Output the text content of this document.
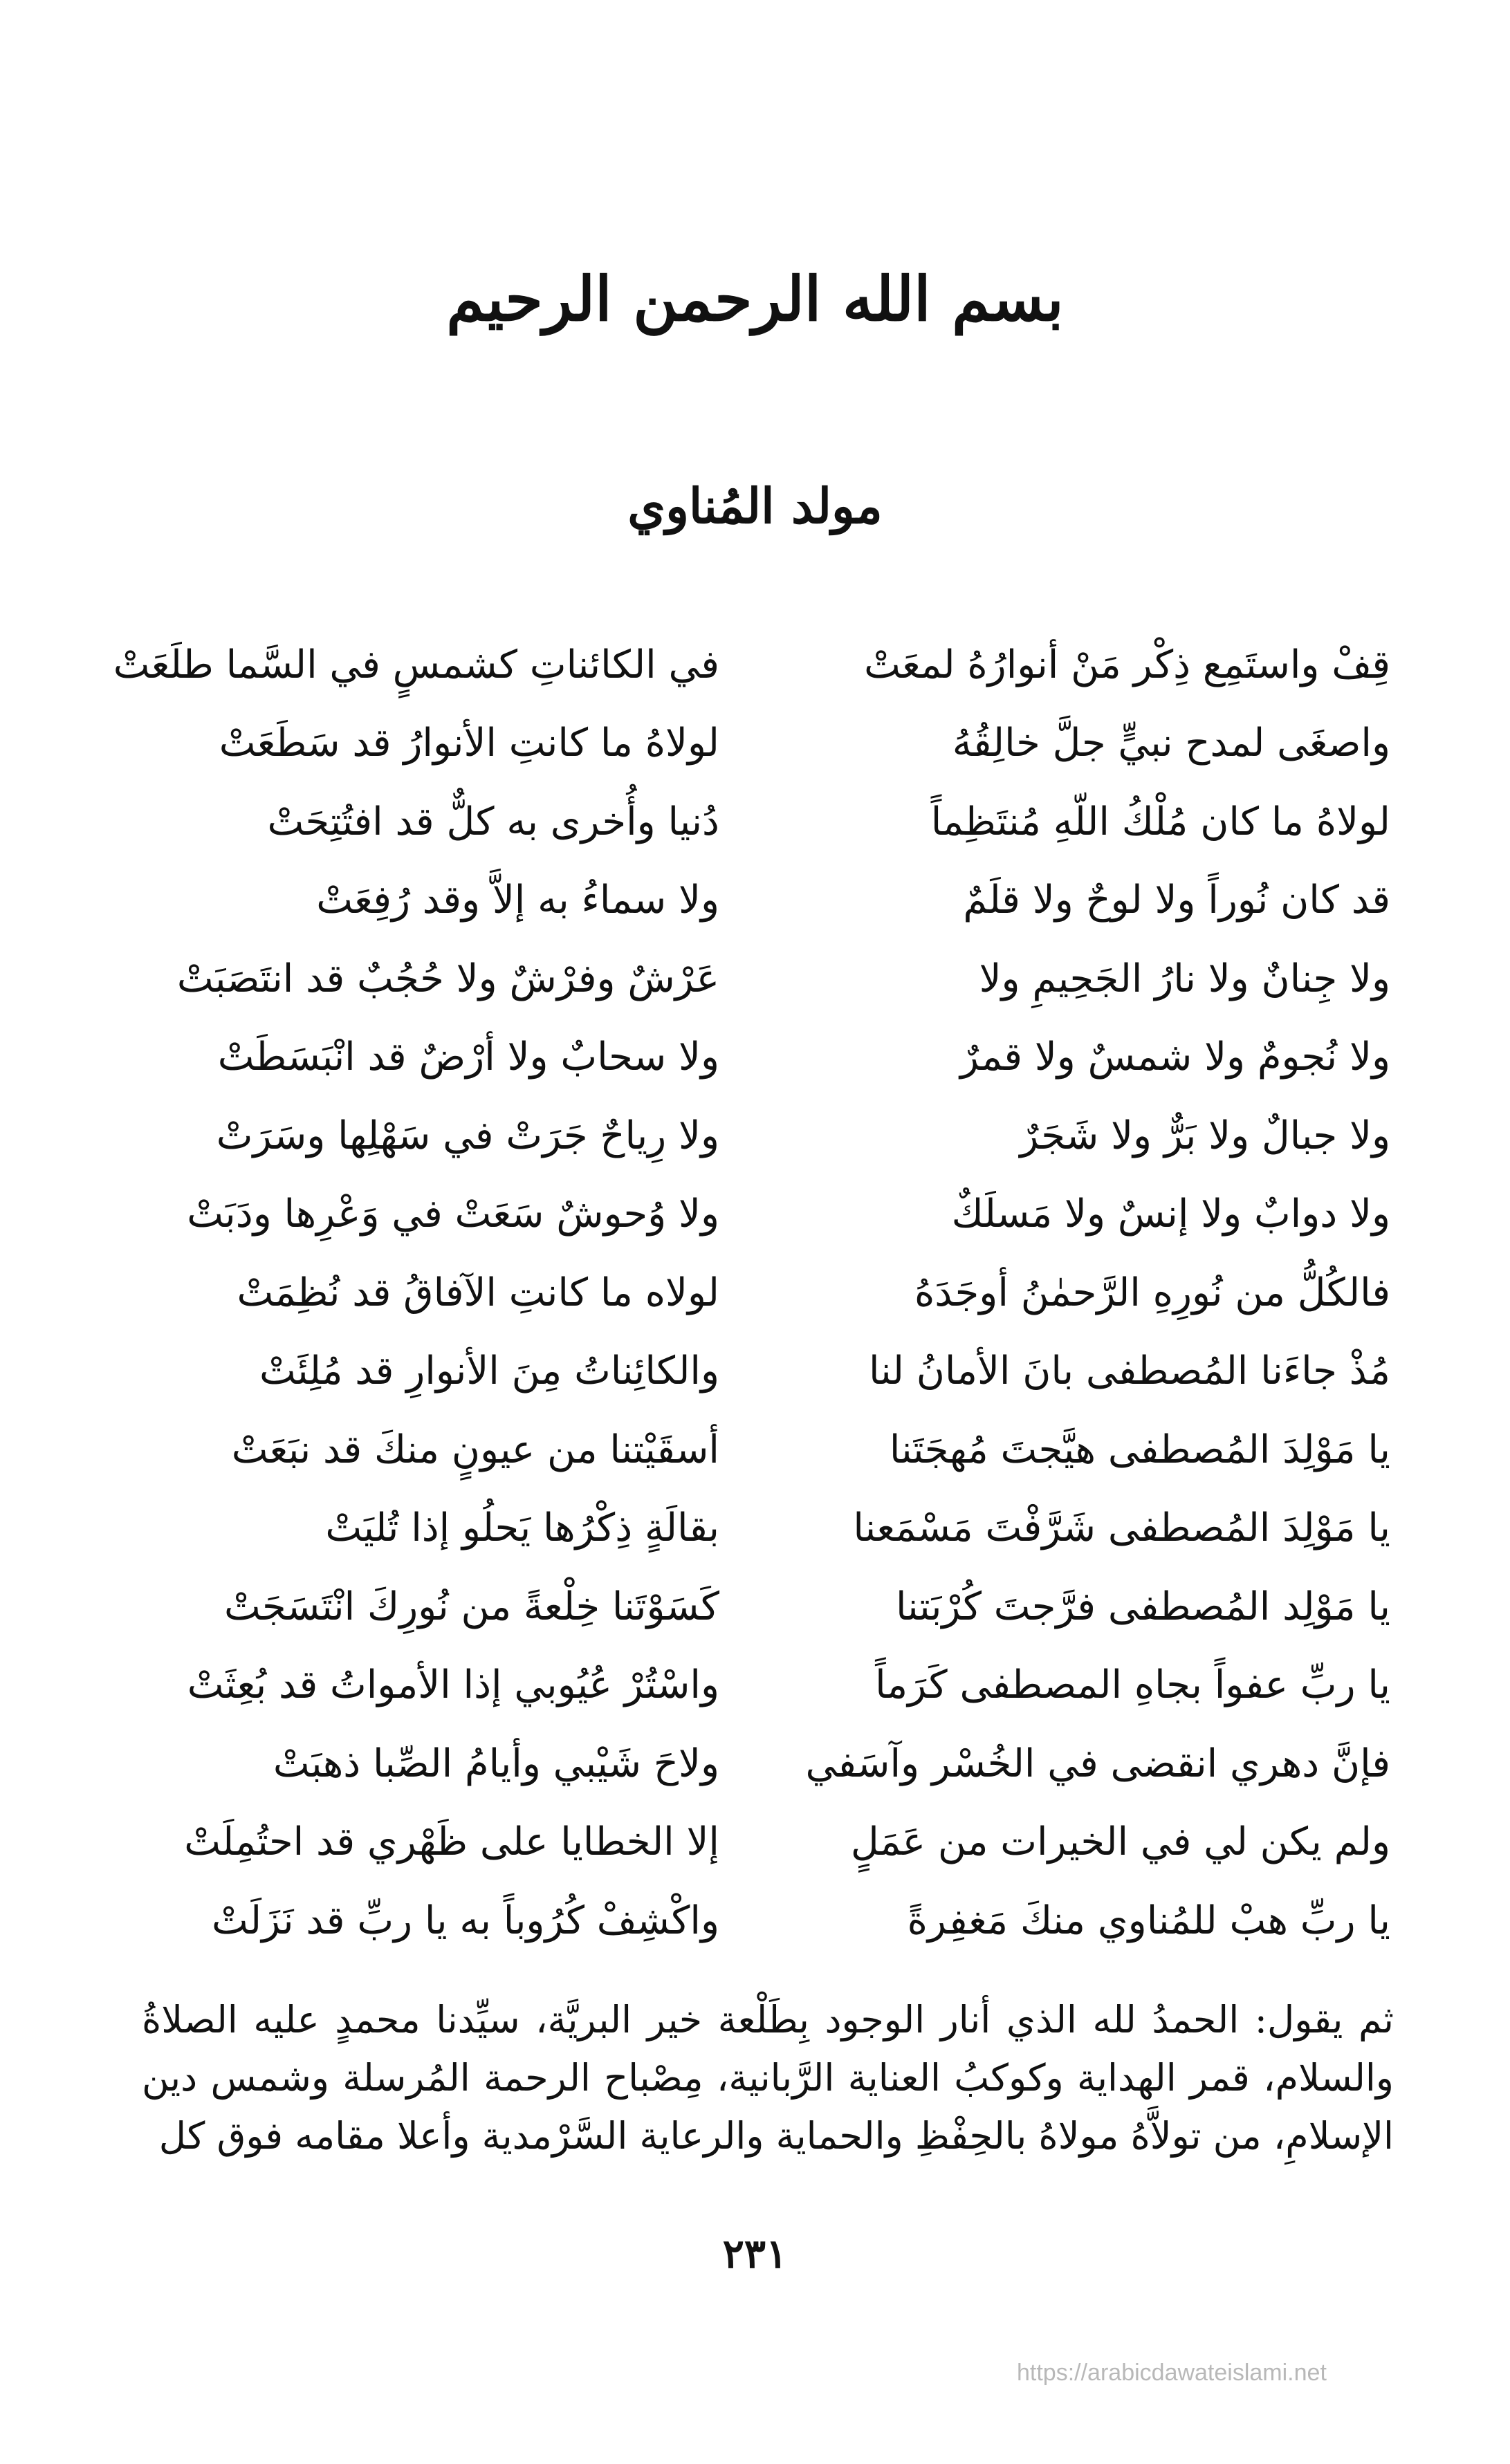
بسم الله الرحمن الرحيم
مولد المُناوي
قِفْ واستَمِع ذِكْر مَنْ أنوارُهُ لمعَتْ
في الكائناتِ كشمسٍ في السَّما طلَعَتْ
واصغَى لمدح نبيٍّ جلَّ خالِقُهُ
لولاهُ ما كانتِ الأنوارُ قد سَطَعَتْ
لولاهُ ما كان مُلْكُ اللّهِ مُنتَظِماً
دُنيا وأُخرى به كلٌّ قد افتُتِحَتْ
قد كان نُوراً ولا لوحٌ ولا قلَمٌ
ولا سماءُ به إلاَّ وقد رُفِعَتْ
ولا جِنانٌ ولا نارُ الجَحِيمِ ولا
عَرْشٌ وفرْشٌ ولا حُجُبٌ قد انتَصَبَتْ
ولا نُجومٌ ولا شمسٌ ولا قمرٌ
ولا سحابٌ ولا أرْضٌ قد انْبَسَطَتْ
ولا جبالٌ ولا بَرٌّ ولا شَجَرٌ
ولا رِياحٌ جَرَتْ في سَهْلِها وسَرَتْ
ولا دوابٌ ولا إنسٌ ولا مَسلَكٌ
ولا وُحوشٌ سَعَتْ في وَعْرِها ودَبَتْ
فالكُلُّ من نُورِهِ الرَّحمٰنُ أوجَدَهُ
لولاه ما كانتِ الآفاقُ قد نُظِمَتْ
مُذْ جاءَنا المُصطفى بانَ الأمانُ لنا
والكائِناتُ مِنَ الأنوارِ قد مُلِئَتْ
يا مَوْلِدَ المُصطفى هيَّجتَ مُهجَتَنا
أسقَيْتنا من عيونٍ منكَ قد نبَعَتْ
يا مَوْلِدَ المُصطفى شَرَّفْتَ مَسْمَعنا
بقالَةٍ ذِكْرُها يَحلُو إذا تُليَتْ
يا مَوْلِد المُصطفى فرَّجتَ كُرْبَتنا
كَسَوْتَنا خِلْعةً من نُورِكَ انْتَسَجَتْ
يا ربِّ عفواً بجاهِ المصطفى كَرَماً
واسْتُرْ عُيُوبي إذا الأمواتُ قد بُعِثَتْ
فإنَّ دهري انقضى في الخُسْر وآسَفي
ولاحَ شَيْبي وأيامُ الصِّبا ذهبَتْ
ولم يكن لي في الخيرات من عَمَلٍ
إلا الخطايا على ظَهْري قد احتُمِلَتْ
يا ربِّ هبْ للمُناوي منكَ مَغفِرةً
واكْشِفْ كُرُوباً به يا ربِّ قد نَزَلَتْ

ثم يقول: الحمدُ لله الذي أنار الوجود بِطَلْعة خير البريَّة، سيِّدنا محمدٍ عليه الصلاةُ والسلام، قمر الهداية وكوكبُ العناية الرَّبانية، مِصْباح الرحمة المُرسلة وشمس دين الإسلامِ، من تولاَّهُ مولاهُ بالحِفْظِ والحماية والرعاية السَّرْمدية وأعلا مقامه فوق كل

٢٣١
https://arabicdawateislami.net
